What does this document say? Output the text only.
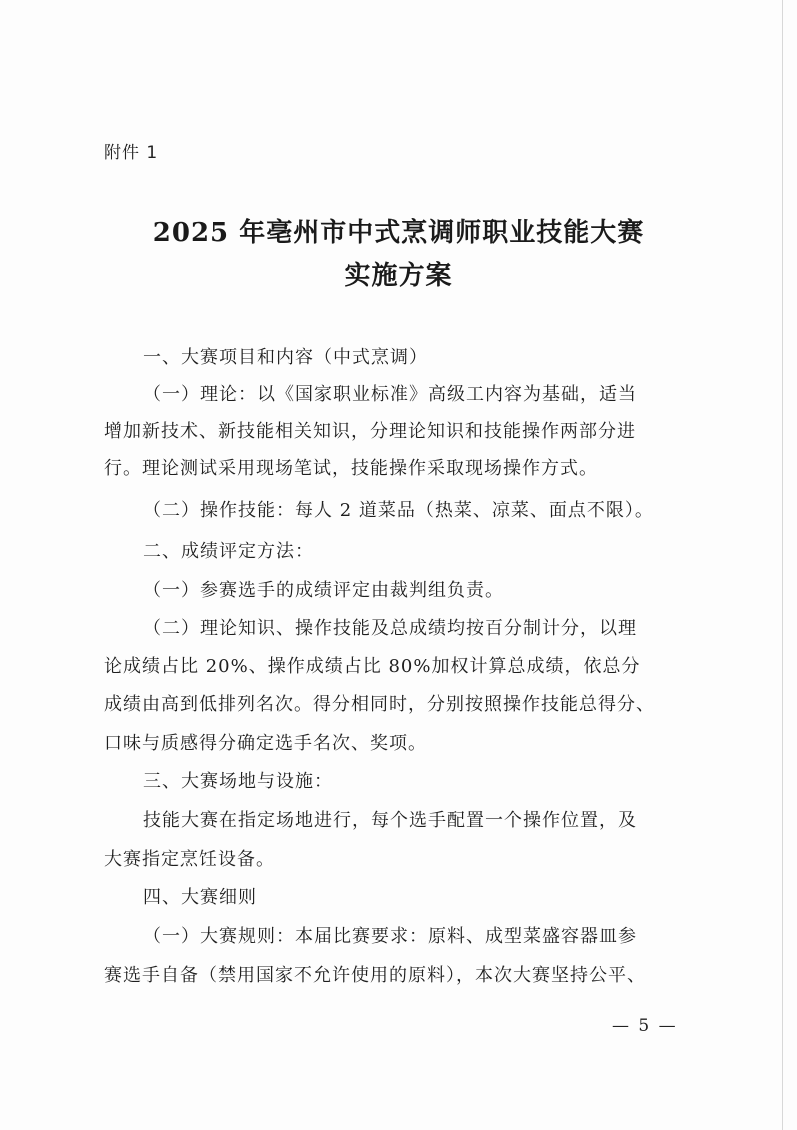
附件 1
2025 年亳州市中式烹调师职业技能大赛
实施方案
一、大赛项目和内容（中式烹调）
（一）理论：以《国家职业标准》高级工内容为基础，适当
增加新技术、新技能相关知识，分理论知识和技能操作两部分进
行。理论测试采用现场笔试，技能操作采取现场操作方式。
（二）操作技能：每人 2 道菜品（热菜、凉菜、面点不限）。
二、成绩评定方法：
（一）参赛选手的成绩评定由裁判组负责。
（二）理论知识、操作技能及总成绩均按百分制计分，以理
论成绩占比 20%、操作成绩占比 80%加权计算总成绩，依总分
成绩由高到低排列名次。得分相同时，分别按照操作技能总得分、
口味与质感得分确定选手名次、奖项。
三、大赛场地与设施：
技能大赛在指定场地进行，每个选手配置一个操作位置，及
大赛指定烹饪设备。
四、大赛细则
（一）大赛规则：本届比赛要求：原料、成型菜盛容器皿参
赛选手自备（禁用国家不允许使用的原料），本次大赛坚持公平、
— 5 —
